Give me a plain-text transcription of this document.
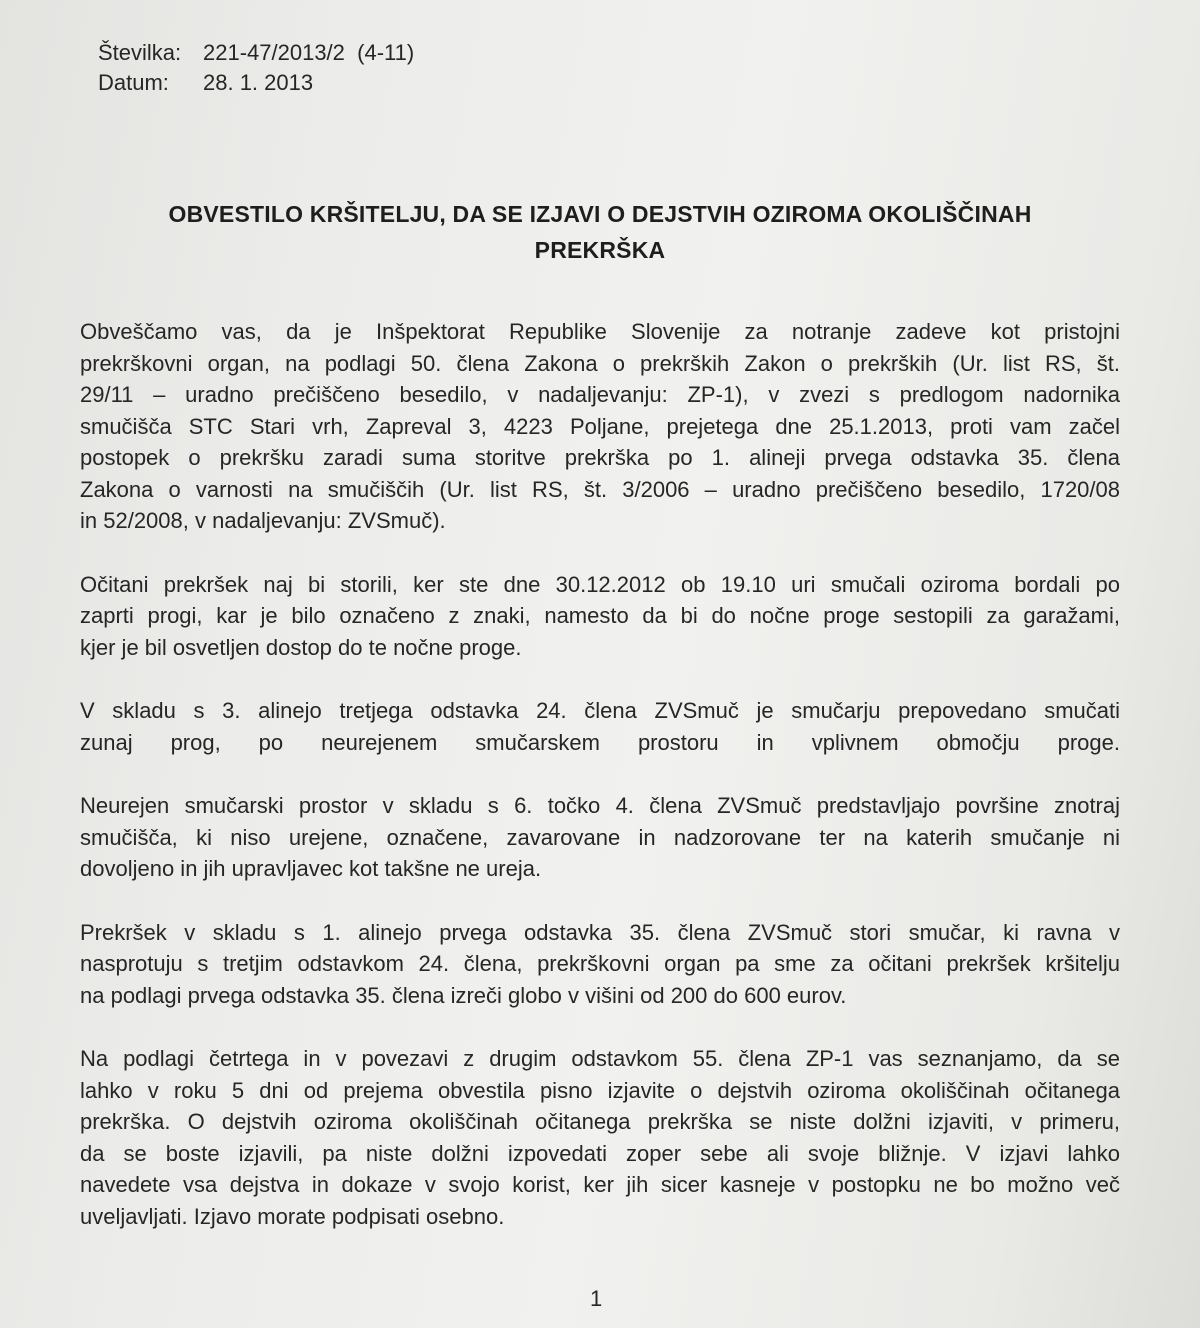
Številka: 221-47/2013/2  (4-11)
Datum:	28. 1. 2013
OBVESTILO KRŠITELJU, DA SE IZJAVI O DEJSTVIH OZIROMA OKOLIŠČINAH
PREKRŠKA

Obveščamo vas, da je Inšpektorat Republike Slovenije za notranje zadeve kot pristojni
prekrškovni organ, na podlagi 50. člena Zakona o prekrških Zakon o prekrških (Ur. list RS, št.
29/11 – uradno prečiščeno besedilo, v nadaljevanju: ZP-1), v zvezi s predlogom nadornika
smučišča STC Stari vrh, Zapreval 3, 4223 Poljane, prejetega dne 25.1.2013, proti vam začel
postopek o prekršku zaradi suma storitve prekrška po 1. alineji prvega odstavka 35. člena
Zakona o varnosti na smučiščih (Ur. list RS, št. 3/2006 – uradno prečiščeno besedilo, 1720/08
in 52/2008, v nadaljevanju: ZVSmuč).

Očitani prekršek naj bi storili, ker ste dne 30.12.2012 ob 19.10 uri smučali oziroma bordali po
zaprti progi, kar je bilo označeno z znaki, namesto da bi do nočne proge sestopili za garažami,
kjer je bil osvetljen dostop do te nočne proge.

V skladu s 3. alinejo tretjega odstavka 24. člena ZVSmuč je smučarju prepovedano smučati
zunaj prog, po neurejenem smučarskem prostoru in vplivnem območju proge.

Neurejen smučarski prostor v skladu s 6. točko 4. člena ZVSmuč predstavljajo površine znotraj
smučišča, ki niso urejene, označene, zavarovane in nadzorovane ter na katerih smučanje ni
dovoljeno in jih upravljavec kot takšne ne ureja.

Prekršek v skladu s 1. alinejo prvega odstavka 35. člena ZVSmuč stori smučar, ki ravna v
nasprotuju s tretjim odstavkom 24. člena, prekrškovni organ pa sme za očitani prekršek kršitelju
na podlagi prvega odstavka 35. člena izreči globo v višini od 200 do 600 eurov.

Na podlagi četrtega in v povezavi z drugim odstavkom 55. člena ZP-1 vas seznanjamo, da se
lahko v roku 5 dni od prejema obvestila pisno izjavite o dejstvih oziroma okoliščinah očitanega
prekrška. O dejstvih oziroma okoliščinah očitanega prekrška se niste dolžni izjaviti, v primeru,
da se boste izjavili, pa niste dolžni izpovedati zoper sebe ali svoje bližnje. V izjavi lahko
navedete vsa dejstva in dokaze v svojo korist, ker jih sicer kasneje v postopku ne bo možno več
uveljavljati. Izjavo morate podpisati osebno.

1
